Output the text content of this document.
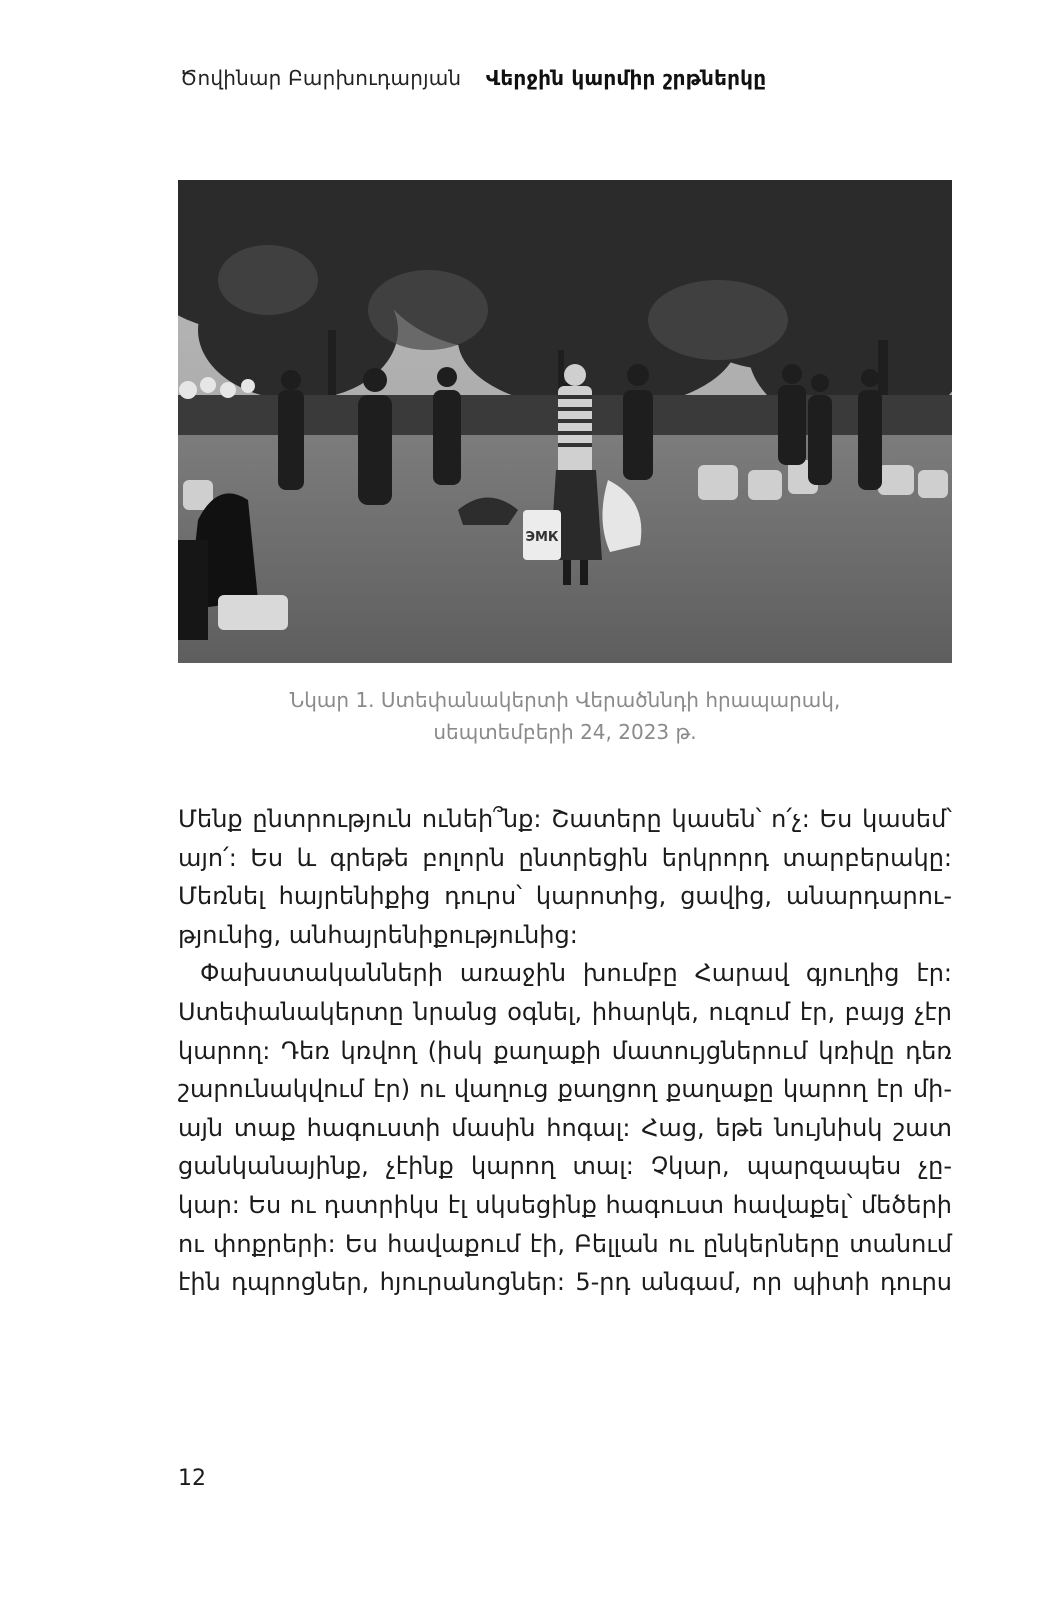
Ծովինար Բարխուդարյան Վերջին կարմիր շրթներկը
ЭМК
Նկար 1. Ստեփանակերտի Վերածննդի հրապարակ,
սեպտեմբերի 24, 2023 թ.
Մենք ընտրություն ունեի՞նք: Շատերը կասեն՝ ո՛չ: Ես կասեմ՝
այո՛: Ես և գրեթե բոլորն ընտրեցին երկրորդ տարբերակը:
Մեռնել հայրենիքից դուրս՝ կարոտից, ցավից, անարդարու-
թյունից, անհայրենիքությունից:
Փախստականների առաջին խումբը Հարավ գյուղից էր:
Ստեփանակերտը նրանց օգնել, իհարկե, ուզում էր, բայց չէր
կարող: Դեռ կռվող (իսկ քաղաքի մատույցներում կռիվը դեռ
շարունակվում էր) ու վաղուց քաղցող քաղաքը կարող էր մի-
այն տաք հագուստի մասին հոգալ: Հաց, եթե նույնիսկ շատ
ցանկանայինք, չէինք կարող տալ: Չկար, պարզապես չը-
կար: Ես ու դստրիկս էլ սկսեցինք հագուստ հավաքել՝ մեծերի
ու փոքրերի: Ես հավաքում էի, Բելլան ու ընկերները տանում
էին դպրոցներ, հյուրանոցներ: 5-րդ անգամ, որ պիտի դուրս
12
